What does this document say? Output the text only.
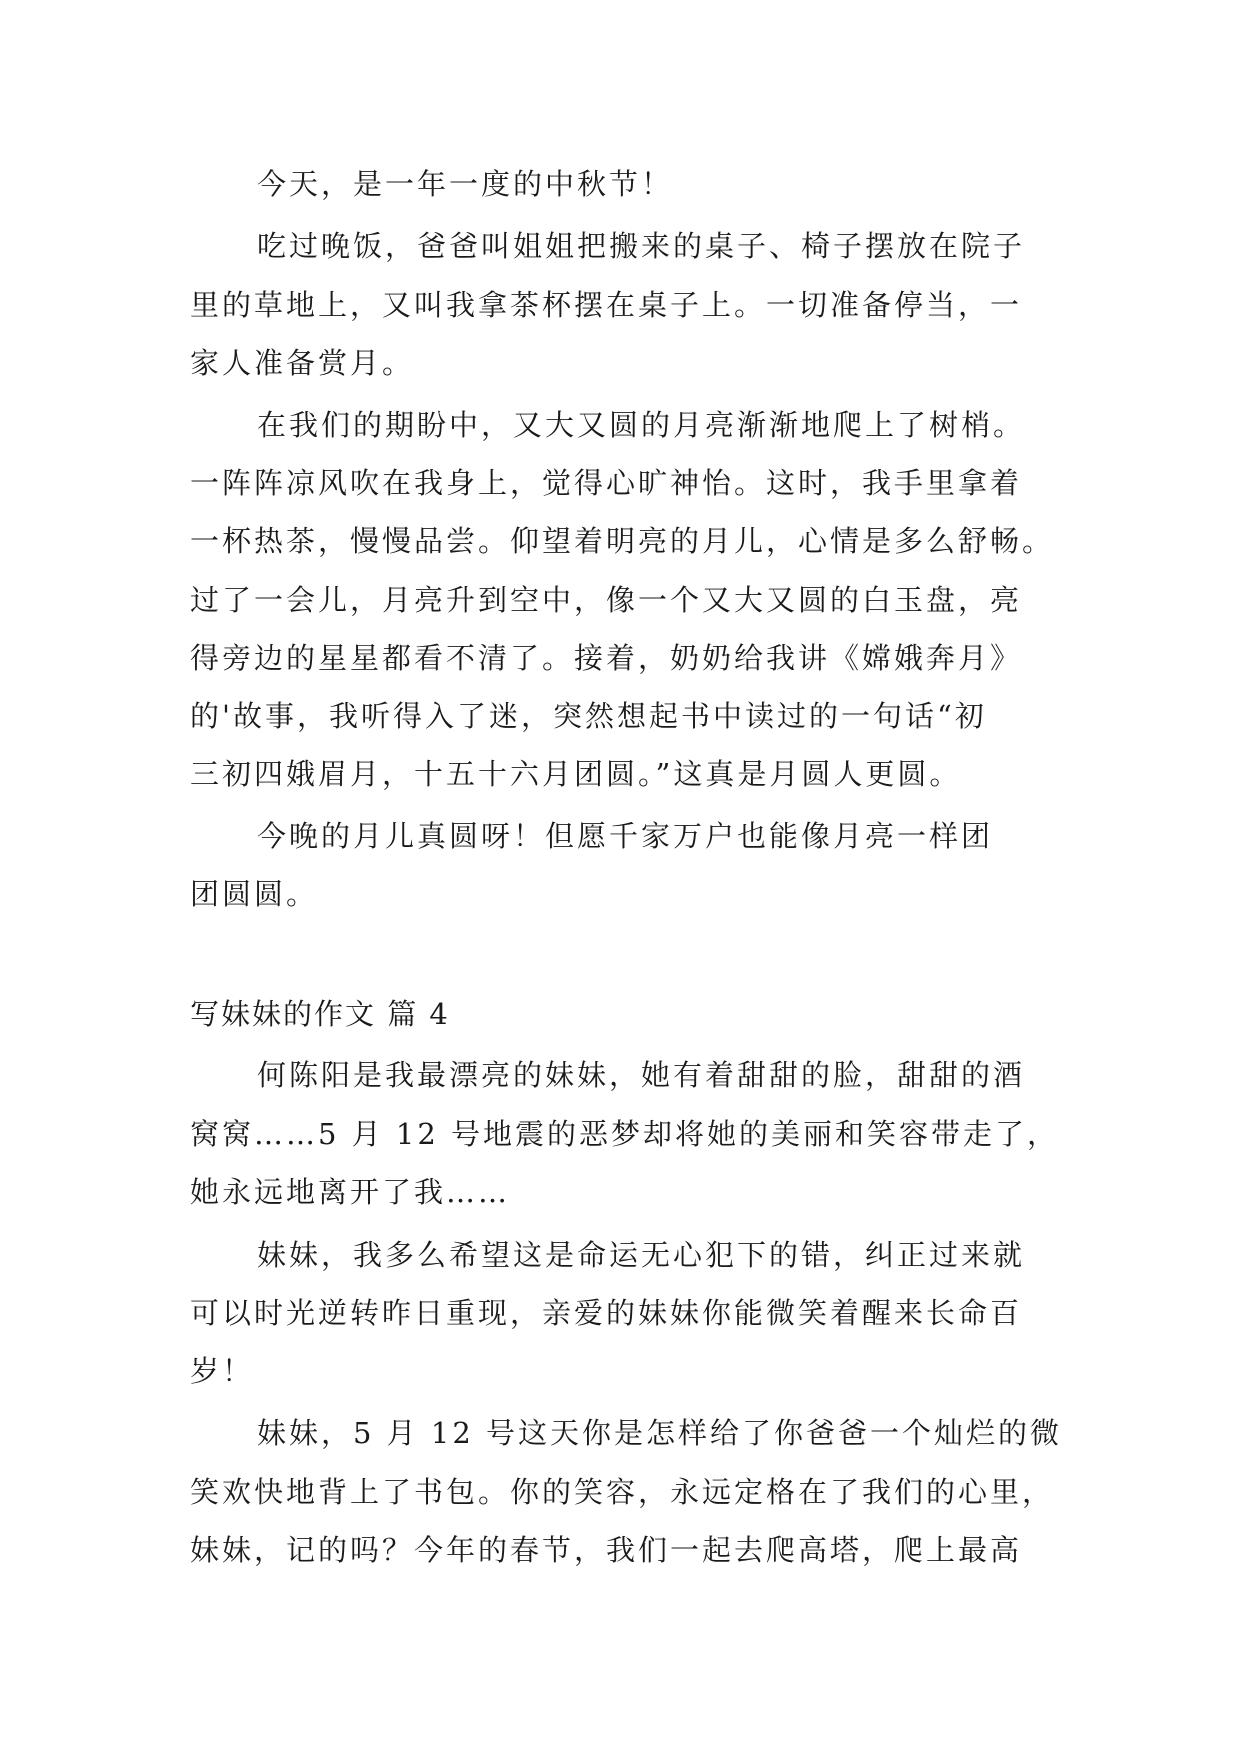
今天，是一年一度的中秋节！
吃过晚饭，爸爸叫姐姐把搬来的桌子、椅子摆放在院子
里的草地上，又叫我拿茶杯摆在桌子上。一切准备停当，一
家人准备赏月。
在我们的期盼中，又大又圆的月亮渐渐地爬上了树梢。
一阵阵凉风吹在我身上，觉得心旷神怡。这时，我手里拿着
一杯热茶，慢慢品尝。仰望着明亮的月儿，心情是多么舒畅。
过了一会儿，月亮升到空中，像一个又大又圆的白玉盘，亮
得旁边的星星都看不清了。接着，奶奶给我讲《嫦娥奔月》
的'故事，我听得入了迷，突然想起书中读过的一句话“初
三初四娥眉月，十五十六月团圆。”这真是月圆人更圆。
今晚的月儿真圆呀！但愿千家万户也能像月亮一样团
团圆圆。
写妹妹的作文 篇 4
何陈阳是我最漂亮的妹妹，她有着甜甜的脸，甜甜的酒
窝窝……5 月 12 号地震的恶梦却将她的美丽和笑容带走了，
她永远地离开了我……
妹妹，我多么希望这是命运无心犯下的错，纠正过来就
可以时光逆转昨日重现，亲爱的妹妹你能微笑着醒来长命百
岁！
妹妹，5 月 12 号这天你是怎样给了你爸爸一个灿烂的微
笑欢快地背上了书包。你的笑容，永远定格在了我们的心里，
妹妹，记的吗？今年的春节，我们一起去爬高塔，爬上最高
